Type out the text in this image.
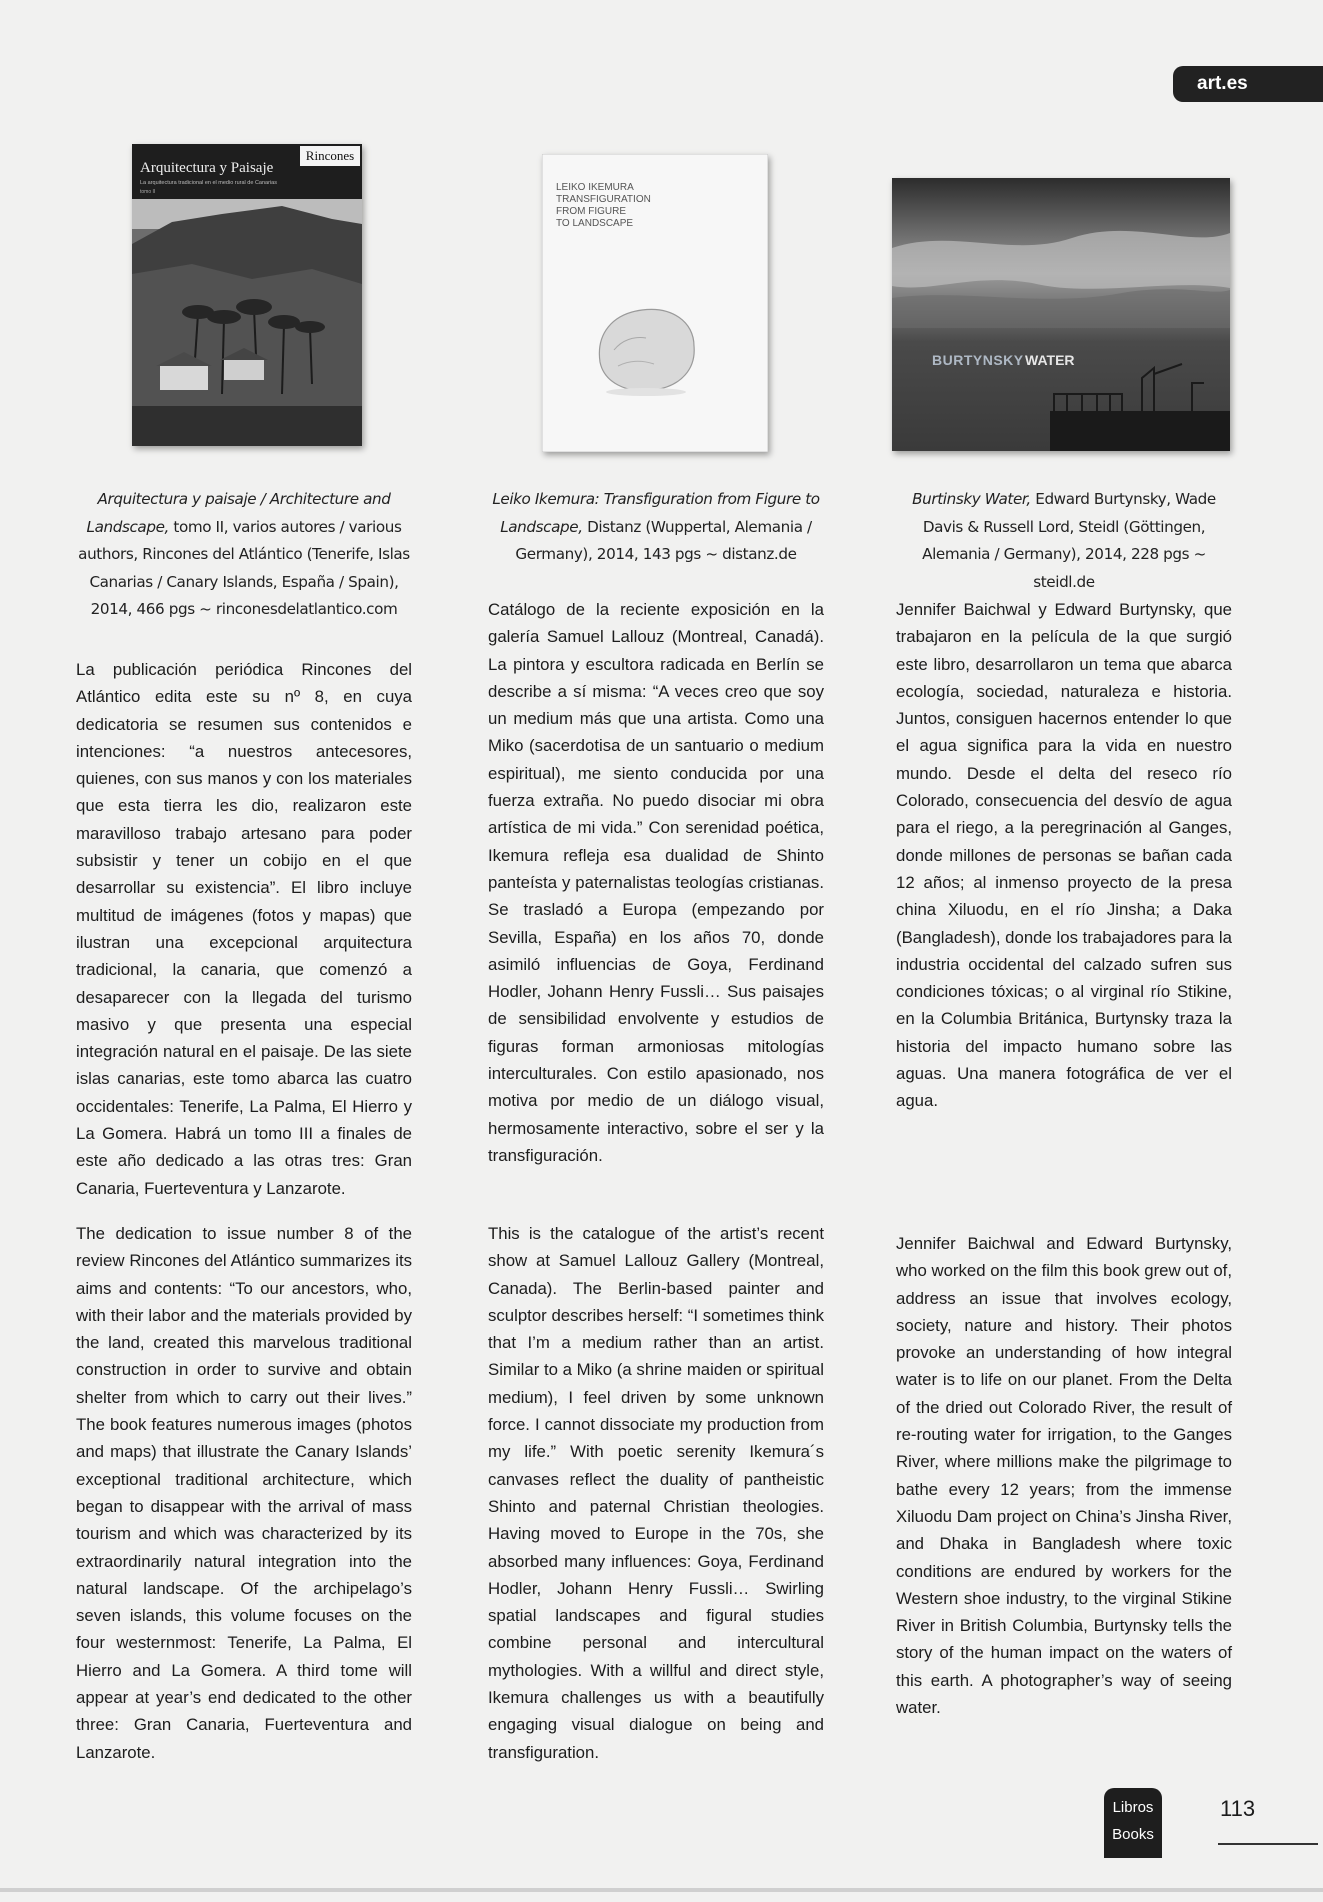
art.es
Rincones
Arquitectura y Paisaje
La arquitectura tradicional en el medio rural de Canarias
tomo II
Arquitectura y paisaje / Architecture and Landscape, tomo II, varios autores / various authors, Rincones del Atlántico (Tenerife, Islas Canarias / Canary Islands, España / Spain), 2014, 466 pgs ~ rinconesdelatlantico.com
La publicación periódica Rincones del Atlántico edita este su nº 8, en cuya dedicatoria se resumen sus contenidos e intenciones: “a nuestros antecesores, quienes, con sus manos y con los materiales que esta tierra les dio, realizaron este maravilloso trabajo artesano para poder subsistir y tener un cobijo en el que desarrollar su existencia”. El libro incluye multitud de imágenes (fotos y mapas) que ilustran una excepcional arquitectura tradicional, la canaria, que comenzó a desaparecer con la llegada del turismo masivo y que presenta una especial integración natural en el paisaje. De las siete islas canarias, este tomo abarca las cuatro occidentales: Tenerife, La Palma, El Hierro y La Gomera. Habrá un tomo III a finales de este año dedicado a las otras tres: Gran Canaria, Fuerteventura y Lanzarote.
The dedication to issue number 8 of the review Rincones del Atlántico summarizes its aims and contents: “To our ancestors, who, with their labor and the materials provided by the land, created this marvelous traditional construction in order to survive and obtain shelter from which to carry out their lives.” The book features numerous images (photos and maps) that illustrate the Canary Islands’ exceptional traditional architecture, which began to disappear with the arrival of mass tourism and which was characterized by its extraordinarily natural integration into the natural landscape. Of the archipelago’s seven islands, this volume focuses on the four westernmost: Tenerife, La Palma, El Hierro and La Gomera. A third tome will appear at year’s end dedicated to the other three: Gran Canaria, Fuerteventura and Lanzarote.
LEIKO IKEMURA
TRANSFIGURATION
FROM FIGURE
TO LANDSCAPE
Leiko Ikemura: Transfiguration from Figure to Landscape, Distanz (Wuppertal, Alemania / Germany), 2014, 143 pgs ~ distanz.de
Catálogo de la reciente exposición en la galería Samuel Lallouz (Montreal, Canadá). La pintora y escultora radicada en Berlín se describe a sí misma: “A veces creo que soy un medium más que una artista. Como una Miko (sacerdotisa de un santuario o medium espiritual), me siento conducida por una fuerza extraña. No puedo disociar mi obra artística de mi vida.” Con serenidad poética, Ikemura refleja esa dualidad de Shinto panteísta y paternalistas teologías cristianas. Se trasladó a Europa (empezando por Sevilla, España) en los años 70, donde asimiló influencias de Goya, Ferdinand Hodler, Johann Henry Fussli… Sus paisajes de sensibilidad envolvente y estudios de figuras forman armoniosas mitologías interculturales. Con estilo apasionado, nos motiva por medio de un diálogo visual, hermosamente interactivo, sobre el ser y la transfiguración.
This is the catalogue of the artist’s recent show at Samuel Lallouz Gallery (Montreal, Canada). The Berlin-based painter and sculptor describes herself: “I sometimes think that I’m a medium rather than an artist. Similar to a Miko (a shrine maiden or spiritual medium), I feel driven by some unknown force. I cannot dissociate my production from my life.” With poetic serenity Ikemura´s canvases reflect the duality of pantheistic Shinto and paternal Christian theologies. Having moved to Europe in the 70s, she absorbed many influences: Goya, Ferdinand Hodler, Johann Henry Fussli… Swirling spatial landscapes and figural studies combine personal and intercultural mythologies. With a willful and direct style, Ikemura challenges us with a beautifully engaging visual dialogue on being and transfiguration.
BURTYNSKY WATER
Burtinsky Water, Edward Burtynsky, Wade Davis & Russell Lord, Steidl (Göttingen, Alemania / Germany), 2014, 228 pgs ~ steidl.de
Jennifer Baichwal y Edward Burtynsky, que trabajaron en la película de la que surgió este libro, desarrollaron un tema que abarca ecología, sociedad, naturaleza e historia. Juntos, consiguen hacernos entender lo que el agua significa para la vida en nuestro mundo. Desde el delta del reseco río Colorado, consecuencia del desvío de agua para el riego, a la peregrinación al Ganges, donde millones de personas se bañan cada 12 años; al inmenso proyecto de la presa china Xiluodu, en el río Jinsha; a Daka (Bangladesh), donde los trabajadores para la industria occidental del calzado sufren sus condiciones tóxicas; o al virginal río Stikine, en la Columbia Británica, Burtynsky traza la historia del impacto humano sobre las aguas. Una manera fotográfica de ver el agua.
Jennifer Baichwal and Edward Burtynsky, who worked on the film this book grew out of, address an issue that involves ecology, society, nature and history. Their photos provoke an understanding of how integral water is to life on our planet. From the Delta of the dried out Colorado River, the result of re-routing water for irrigation, to the Ganges River, where millions make the pilgrimage to bathe every 12 years; from the immense Xiluodu Dam project on China’s Jinsha River, and Dhaka in Bangladesh where toxic conditions are endured by workers for the Western shoe industry, to the virginal Stikine River in British Columbia, Burtynsky tells the story of the human impact on the waters of this earth. A photographer’s way of seeing water.
Libros
Books
113
